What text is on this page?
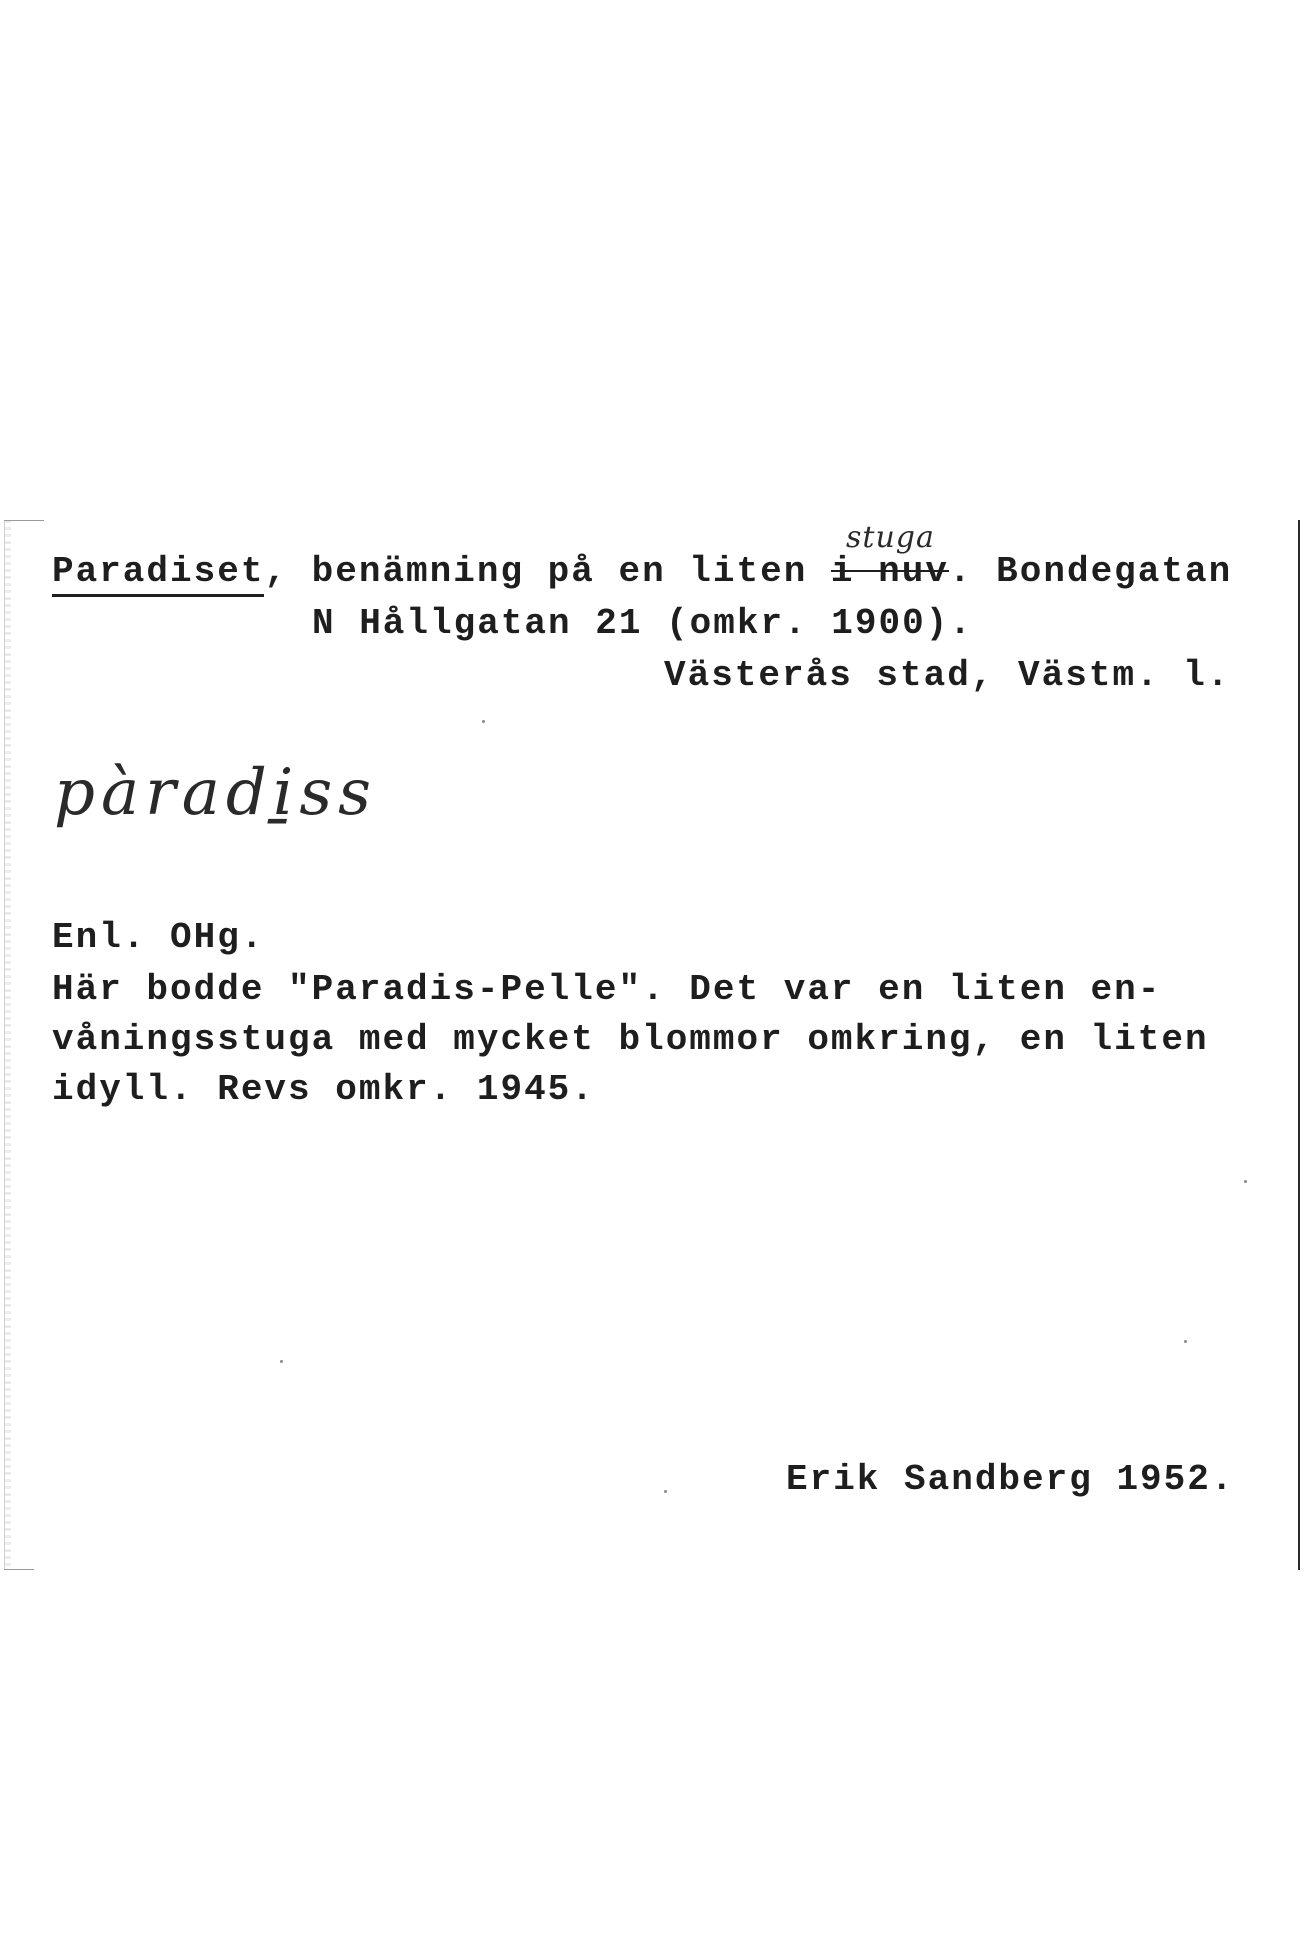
stuga
Paradiset, benämning på en liten i nuv. Bondegatan
N Hållgatan 21 (omkr. 1900).
Västerås stad, Västm. l.
pàradi̱ss
Enl. OHg.
Här bodde "Paradis-Pelle". Det var en liten en-
våningsstuga med mycket blommor omkring, en liten
idyll. Revs omkr. 1945.
Erik Sandberg 1952.
